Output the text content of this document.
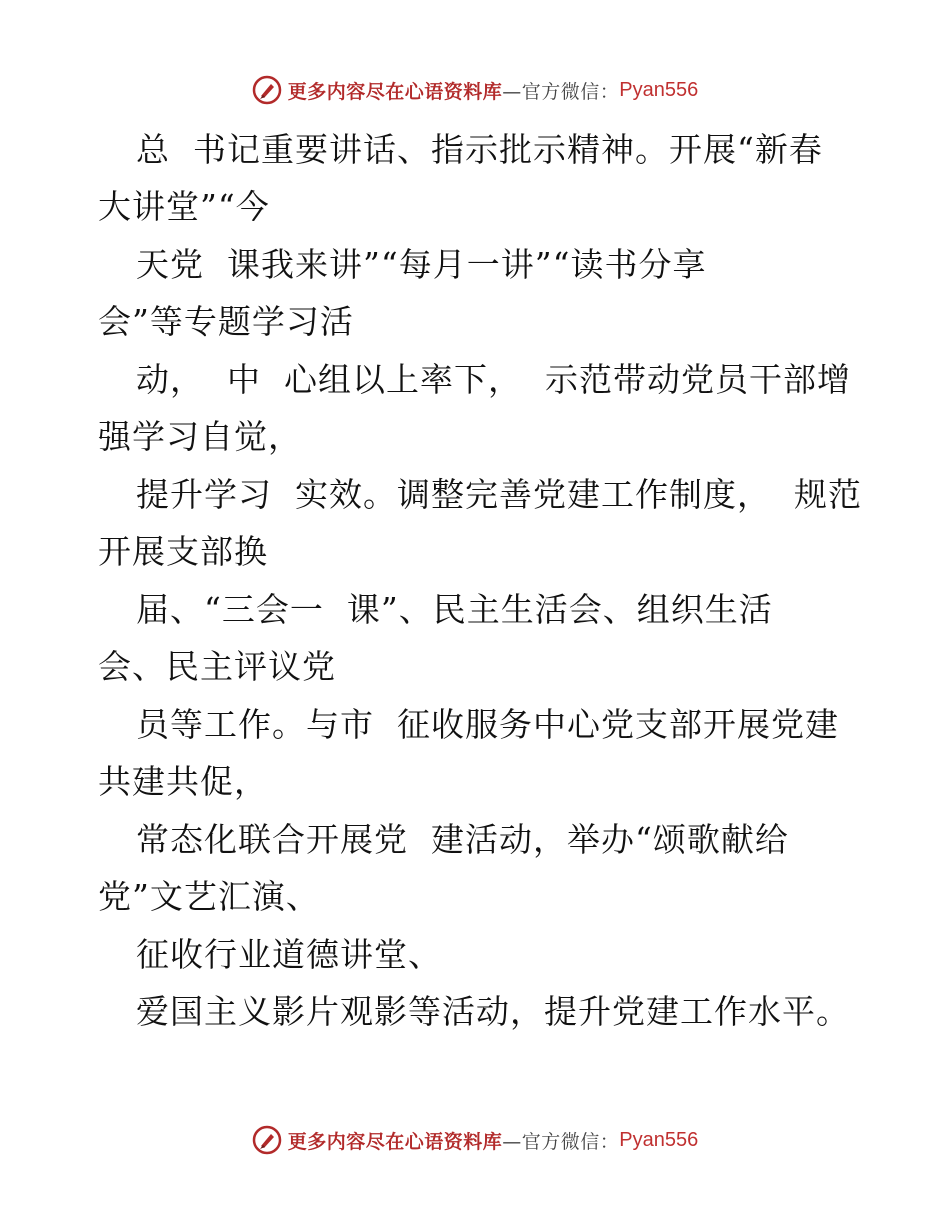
更多内容尽在心语资料库 —官方微信： Pyan556
总  书记重要讲话、指示批示精神。开展“新春
大讲堂”“今
天党  课我来讲”“每月一讲”“读书分享
会”等专题学习活
动，  中  心组以上率下，  示范带动党员干部增
强学习自觉，
提升学习  实效。调整完善党建工作制度，  规范
开展支部换
届、“三会一  课”、民主生活会、组织生活
会、民主评议党
员等工作。与市  征收服务中心党支部开展党建
共建共促，
常态化联合开展党  建活动，举办“颂歌献给
党”文艺汇演、
征收行业道德讲堂、
爱国主义影片观影等活动，提升党建工作水平。
更多内容尽在心语资料库 —官方微信： Pyan556
